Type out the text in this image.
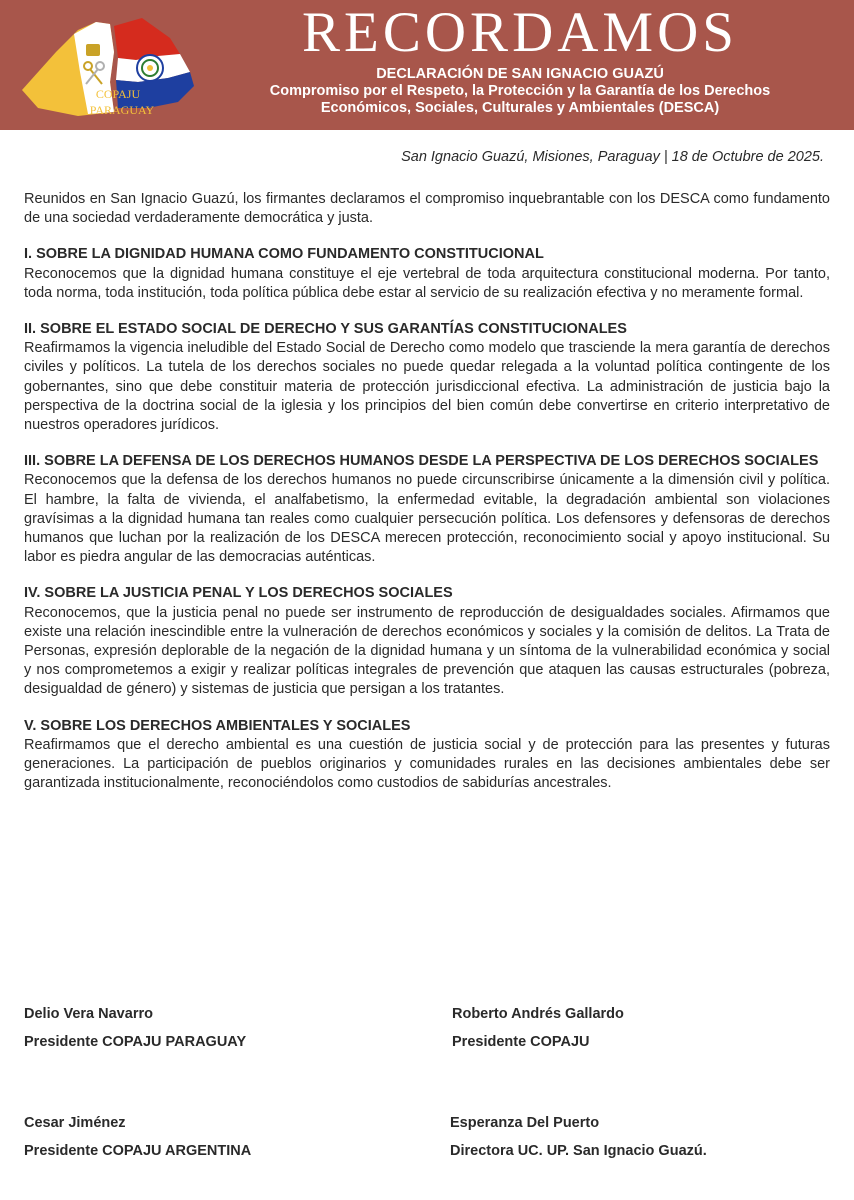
COPAJU
PARAGUAY
RECORDAMOS
DECLARACIÓN DE SAN IGNACIO GUAZÚ
Compromiso por el Respeto, la Protección y la Garantía de los Derechos
Económicos, Sociales, Culturales y Ambientales (DESCA)
San Ignacio Guazú, Misiones, Paraguay | 18 de Octubre de 2025.

Reunidos en San Ignacio Guazú, los firmantes declaramos el compromiso inquebrantable con los DESCA como fundamento de una sociedad verdaderamente democrática y justa.

I. SOBRE LA DIGNIDAD HUMANA COMO FUNDAMENTO CONSTITUCIONAL

Reconocemos que la dignidad humana constituye el eje vertebral de toda arquitectura constitucional moderna. Por tanto, toda norma, toda institución, toda política pública debe estar al servicio de su realización efectiva y no meramente formal.

II. SOBRE EL ESTADO SOCIAL DE DERECHO Y SUS GARANTÍAS CONSTITUCIONALES

Reafirmamos la vigencia ineludible del Estado Social de Derecho como modelo que trasciende la mera garantía de derechos civiles y políticos. La tutela de los derechos sociales no puede quedar relegada a la voluntad política contingente de los gobernantes, sino que debe constituir materia de protección jurisdiccional efectiva. La administración de justicia bajo la perspectiva de la doctrina social de la iglesia y los principios del bien común debe convertirse en criterio interpretativo de nuestros operadores jurídicos.

III. SOBRE LA DEFENSA DE LOS DERECHOS HUMANOS DESDE LA PERSPECTIVA DE LOS DERECHOS SOCIALES

Reconocemos que la defensa de los derechos humanos no puede circunscribirse únicamente a la dimensión civil y política. El hambre, la falta de vivienda, el analfabetismo, la enfermedad evitable, la degradación ambiental son violaciones gravísimas a la dignidad humana tan reales como cualquier persecución política. Los defensores y defensoras de derechos humanos que luchan por la realización de los DESCA merecen protección, reconocimiento social y apoyo institucional. Su labor es piedra angular de las democracias auténticas.

IV. SOBRE LA JUSTICIA PENAL Y LOS DERECHOS SOCIALES

Reconocemos, que la justicia penal no puede ser instrumento de reproducción de desigualdades sociales. Afirmamos que existe una relación inescindible entre la vulneración de derechos económicos y sociales y la comisión de delitos. La Trata de Personas, expresión deplorable de la negación de la dignidad humana y un síntoma de la vulnerabilidad económica y social y nos comprometemos a exigir y realizar políticas integrales de prevención que ataquen las causas estructurales (pobreza, desigualdad de género) y sistemas de justicia que persigan a los tratantes.

V. SOBRE LOS DERECHOS AMBIENTALES Y SOCIALES

Reafirmamos que el derecho ambiental es una cuestión de justicia social y de protección para las presentes y futuras generaciones. La participación de pueblos originarios y comunidades rurales en las decisiones ambientales debe ser garantizada institucionalmente, reconociéndolos como custodios de sabidurías ancestrales.

Delio Vera Navarro
Presidente COPAJU PARAGUAY
Roberto Andrés Gallardo
Presidente COPAJU
Cesar Jiménez
Presidente COPAJU ARGENTINA
Esperanza Del Puerto
Directora UC. UP. San Ignacio Guazú.
